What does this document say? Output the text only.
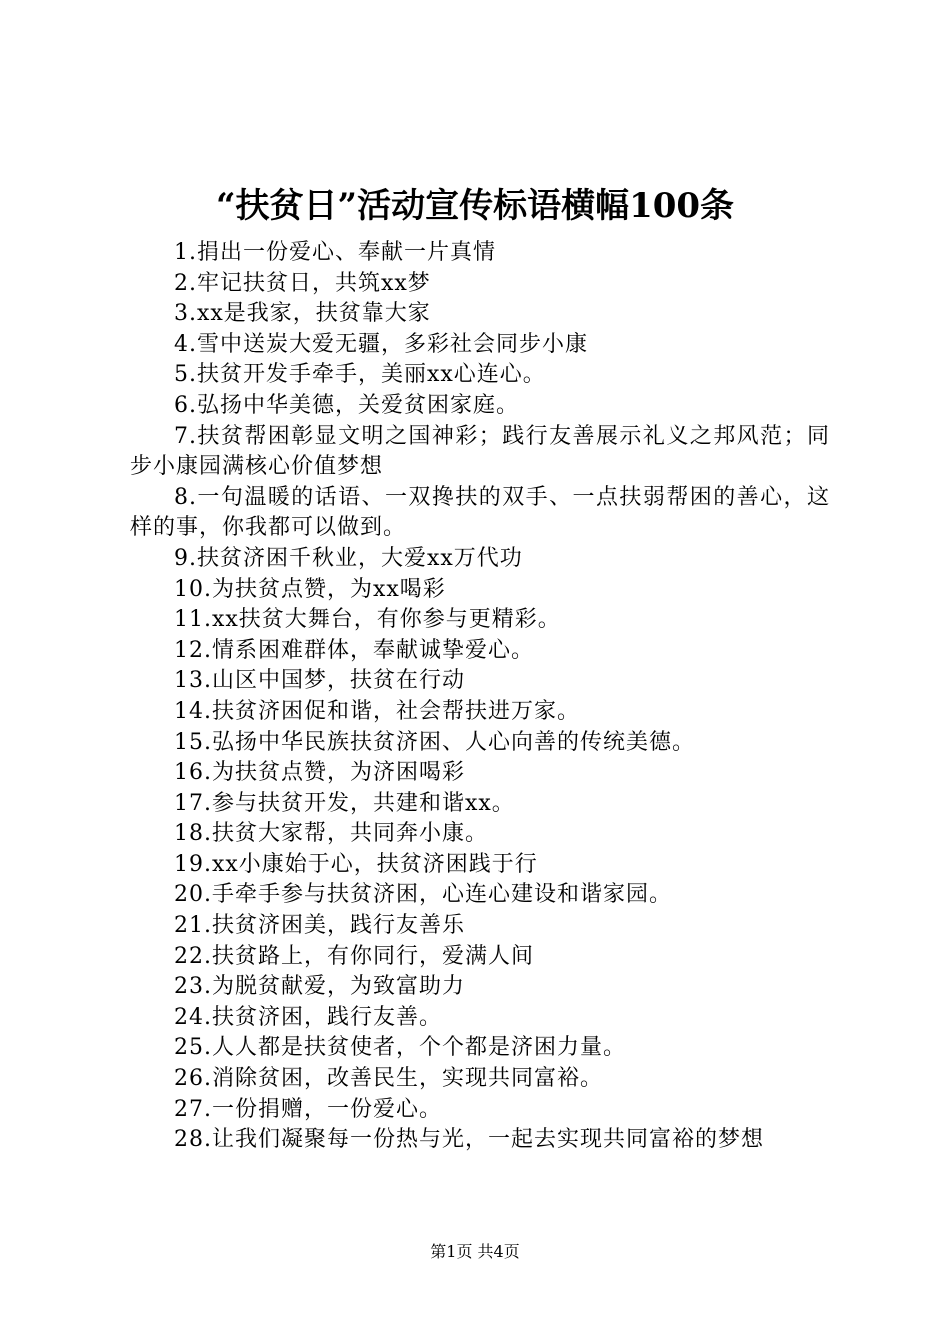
“扶贫日”活动宣传标语横幅100条

1.捐出一份爱心、奉献一片真情

2.牢记扶贫日，共筑xx梦

3.xx是我家，扶贫靠大家

4.雪中送炭大爱无疆，多彩社会同步小康

5.扶贫开发手牵手，美丽xx心连心。

6.弘扬中华美德，关爱贫困家庭。

7.扶贫帮困彰显文明之国神彩；践行友善展示礼义之邦风范；同步小康园满核心价值梦想

8.一句温暖的话语、一双搀扶的双手、一点扶弱帮困的善心，这样的事，你我都可以做到。

9.扶贫济困千秋业，大爱xx万代功

10.为扶贫点赞，为xx喝彩

11.xx扶贫大舞台，有你参与更精彩。

12.情系困难群体，奉献诚挚爱心。

13.山区中国梦，扶贫在行动

14.扶贫济困促和谐，社会帮扶进万家。

15.弘扬中华民族扶贫济困、人心向善的传统美德。

16.为扶贫点赞，为济困喝彩

17.参与扶贫开发，共建和谐xx。

18.扶贫大家帮，共同奔小康。

19.xx小康始于心，扶贫济困践于行

20.手牵手参与扶贫济困，心连心建设和谐家园。

21.扶贫济困美，践行友善乐

22.扶贫路上，有你同行，爱满人间

23.为脱贫献爱，为致富助力

24.扶贫济困，践行友善。

25.人人都是扶贫使者，个个都是济困力量。

26.消除贫困，改善民生，实现共同富裕。

27.一份捐赠，一份爱心。

28.让我们凝聚每一份热与光，一起去实现共同富裕的梦想

第1页 共4页
